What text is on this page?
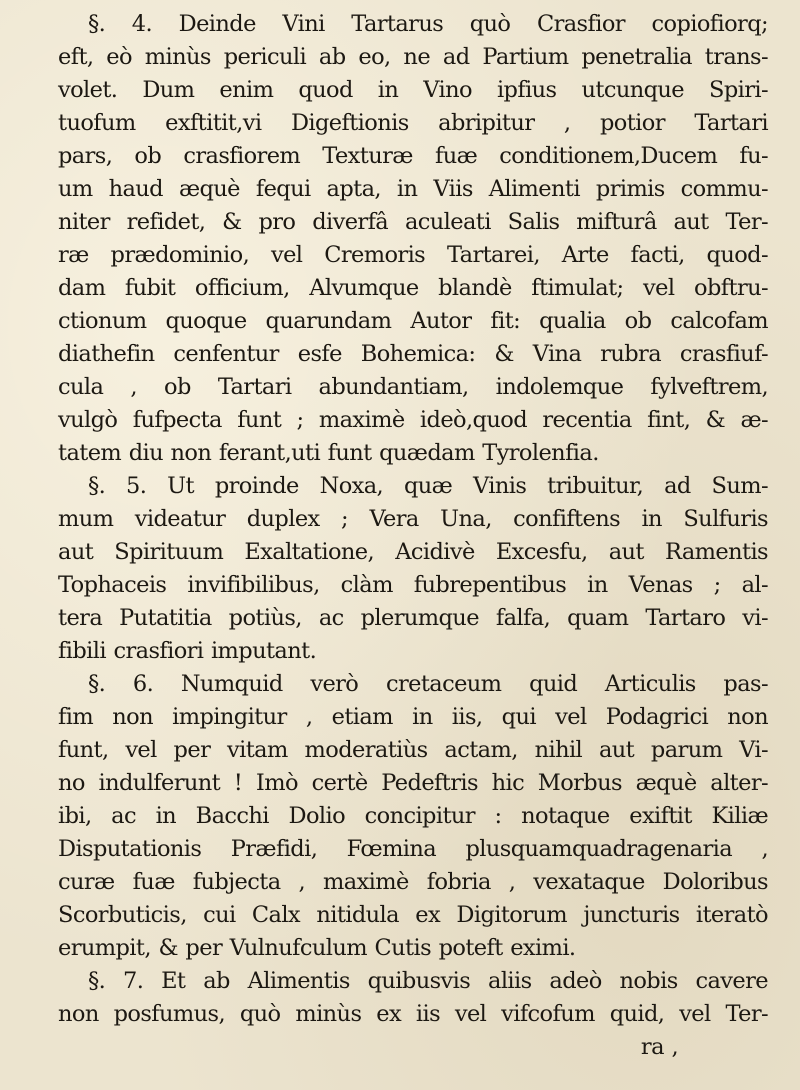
§. 4. Deinde Vini Tartarus quò Crasfior copiofiorq;
eft, eò minùs periculi ab eo, ne ad Partium penetralia trans-
volet. Dum enim quod in Vino ipfius utcunque Spiri-
tuofum exftitit,vi Digeftionis abripitur , potior Tartari
pars, ob crasfiorem Texturæ fuæ conditionem,Ducem fu-
um haud æquè fequi apta, in Viis Alimenti primis commu-
niter refidet, & pro diverfâ aculeati Salis mifturâ aut Ter-
ræ prædominio, vel Cremoris Tartarei, Arte facti, quod-
dam fubit officium, Alvumque blandè ftimulat; vel obftru-
ctionum quoque quarundam Autor fit: qualia ob calcofam
diathefin cenfentur esfe Bohemica: & Vina rubra crasfiuf-
cula , ob Tartari abundantiam, indolemque fylveftrem,
vulgò fufpecta funt ; maximè ideò,quod recentia fint, & æ-
tatem diu non ferant,uti funt quædam Tyrolenfia.
§. 5. Ut proinde Noxa, quæ Vinis tribuitur, ad Sum-
mum videatur duplex ; Vera Una, confiftens in Sulfuris
aut Spirituum Exaltatione, Acidivè Excesfu, aut Ramentis
Tophaceis invifibilibus, clàm fubrepentibus in Venas ; al-
tera Putatitia potiùs, ac plerumque falfa, quam Tartaro vi-
fibili crasfiori imputant.
§. 6. Numquid verò cretaceum quid Articulis pas-
fim non impingitur , etiam in iis, qui vel Podagrici non
funt, vel per vitam moderatiùs actam, nihil aut parum Vi-
no indulferunt ! Imò certè Pedeftris hic Morbus æquè alter-
ibi, ac in Bacchi Dolio concipitur : notaque exiftit Kiliæ
Disputationis Præfidi, Fœmina plusquamquadragenaria ,
curæ fuæ fubjecta , maximè fobria , vexataque Doloribus
Scorbuticis, cui Calx nitidula ex Digitorum juncturis iteratò
erumpit, & per Vulnufculum Cutis poteft eximi.
§. 7. Et ab Alimentis quibusvis aliis adeò nobis cavere
non posfumus, quò minùs ex iis vel vifcofum quid, vel Ter-
ra ,
